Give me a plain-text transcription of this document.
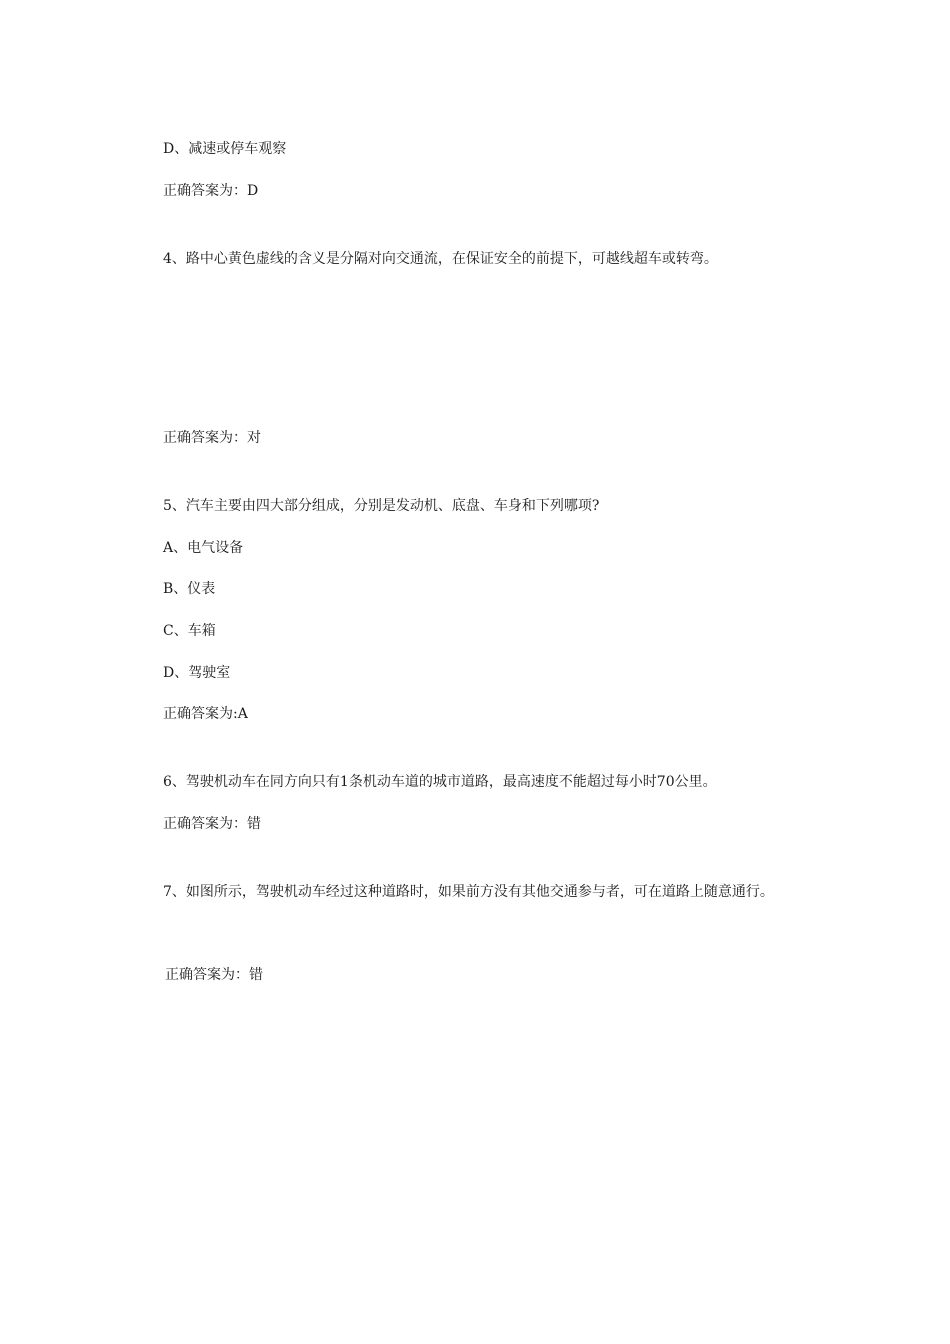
D、减速或停车观察
正确答案为：D
4、路中心黄色虚线的含义是分隔对向交通流，在保证安全的前提下，可越线超车或转弯。
正确答案为：对
5、汽车主要由四大部分组成，分别是发动机、底盘、车身和下列哪项?
A、电气设备
B、仪表
C、车箱
D、驾驶室
正确答案为:A
6、驾驶机动车在同方向只有1条机动车道的城市道路，最高速度不能超过每小时70公里。
正确答案为：错
7、如图所示，驾驶机动车经过这种道路时，如果前方没有其他交通参与者，可在道路上随意通行。
正确答案为：错
